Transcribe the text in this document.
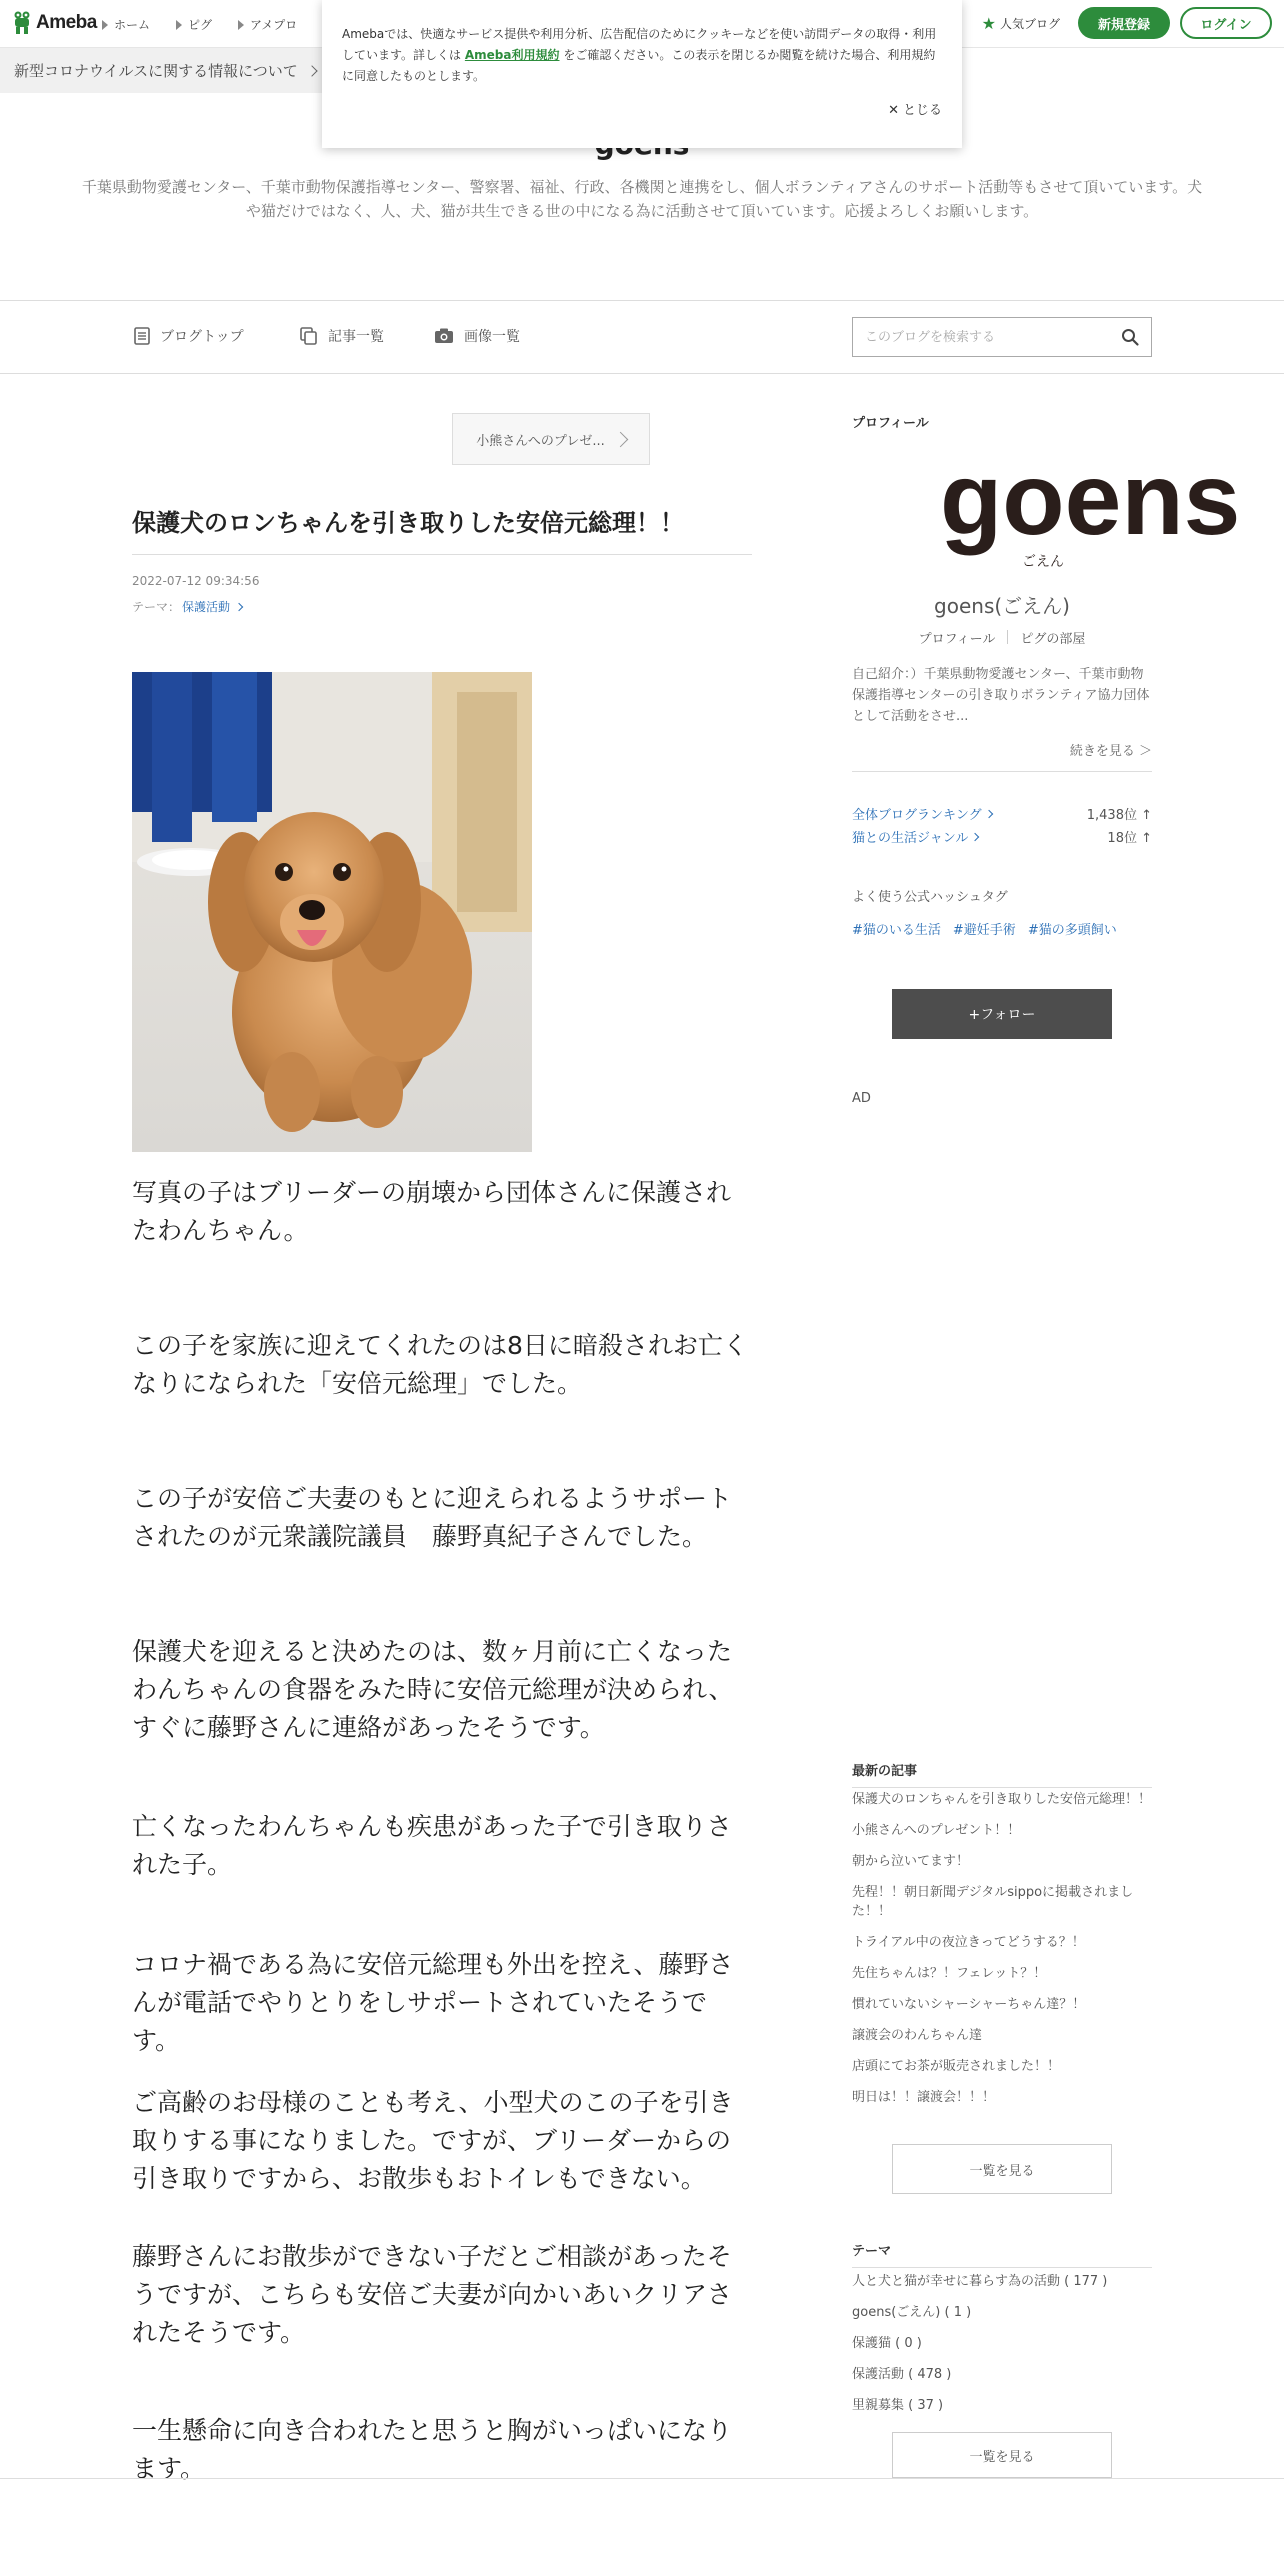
Ameba ホーム	ピグ	アメプロ	★ 人気ブログ	新規登録	ログイン
新型コロナウイルスに関する情報について

Amebaでは、快適なサービス提供や利用分析、広告配信のためにクッキーなどを使い訪問データの取得・利用しています。詳しくは Ameba利用規約 をご確認ください。この表示を閉じるか閲覧を続けた場合、利用規約に同意したものとします。

✕ とじる
千葉県動物愛護センター、千葉市動物保護指導センター、警察署、福祉、行政、各機関と連携をし、個人ボランティアさんのサポート活動等もさせて頂いています。犬や猫だけではなく、人、犬、猫が共生できる世の中になる為に活動させて頂いています。応援よろしくお願いします。
ブログトップ	記事一覧	画像一覧
このブログを検索する
小熊さんへのプレゼ...
保護犬のロンちゃんを引き取りした安倍元総理！！
2022-07-12 09:34:56
テーマ： 保護活動

写真の子はブリーダーの崩壊から団体さんに保護されたわんちゃん。

この子を家族に迎えてくれたのは8日に暗殺されお亡くなりになられた「安倍元総理」でした。

この子が安倍ご夫妻のもとに迎えられるようサポートされたのが元衆議院議員　藤野真紀子さんでした。

保護犬を迎えると決めたのは、数ヶ月前に亡くなったわんちゃんの食器をみた時に安倍元総理が決められ、すぐに藤野さんに連絡があったそうです。

亡くなったわんちゃんも疾患があった子で引き取りされた子。

コロナ禍である為に安倍元総理も外出を控え、藤野さんが電話でやりとりをしサポートされていたそうです。

ご高齢のお母様のことも考え、小型犬のこの子を引き取りする事になりました。ですが、ブリーダーからの引き取りですから、お散歩もおトイレもできない。

藤野さんにお散歩ができない子だとご相談があったそうですが、こちらも安倍ご夫妻が向かいあいクリアされたそうです。

一生懸命に向き合われたと思うと胸がいっぱいになります。

プロフィール
goens
ごえん
goens(ごえん)
プロフィール	ピグの部屋
自己紹介：）千葉県動物愛護センター、千葉市動物保護指導センターの引き取りボランティア協力団体として活動をさせ...
続きを見る ＞
全体ブログランキング	1,438位 ↑
猫との生活ジャンル	18位 ↑
よく使う公式ハッシュタグ
#猫のいる生活 #避妊手術 #猫の多頭飼い
+フォロー
AD
最新の記事
保護犬のロンちゃんを引き取りした安倍元総理！！
小熊さんへのプレゼント！！
朝から泣いてます！
先程！！朝日新聞デジタルsippoに掲載されました！！
トライアル中の夜泣きってどうする？！
先住ちゃんは？！フェレット？！
慣れていないシャーシャーちゃん達？！
譲渡会のわんちゃん達
店頭にてお茶が販売されました！！
明日は！！譲渡会！！！
一覧を見る
テーマ
人と犬と猫が幸せに暮らす為の活動 ( 177 )
goens(ごえん) ( 1 )
保護猫 ( 0 )
保護活動 ( 478 )
里親募集 ( 37 )
一覧を見る
